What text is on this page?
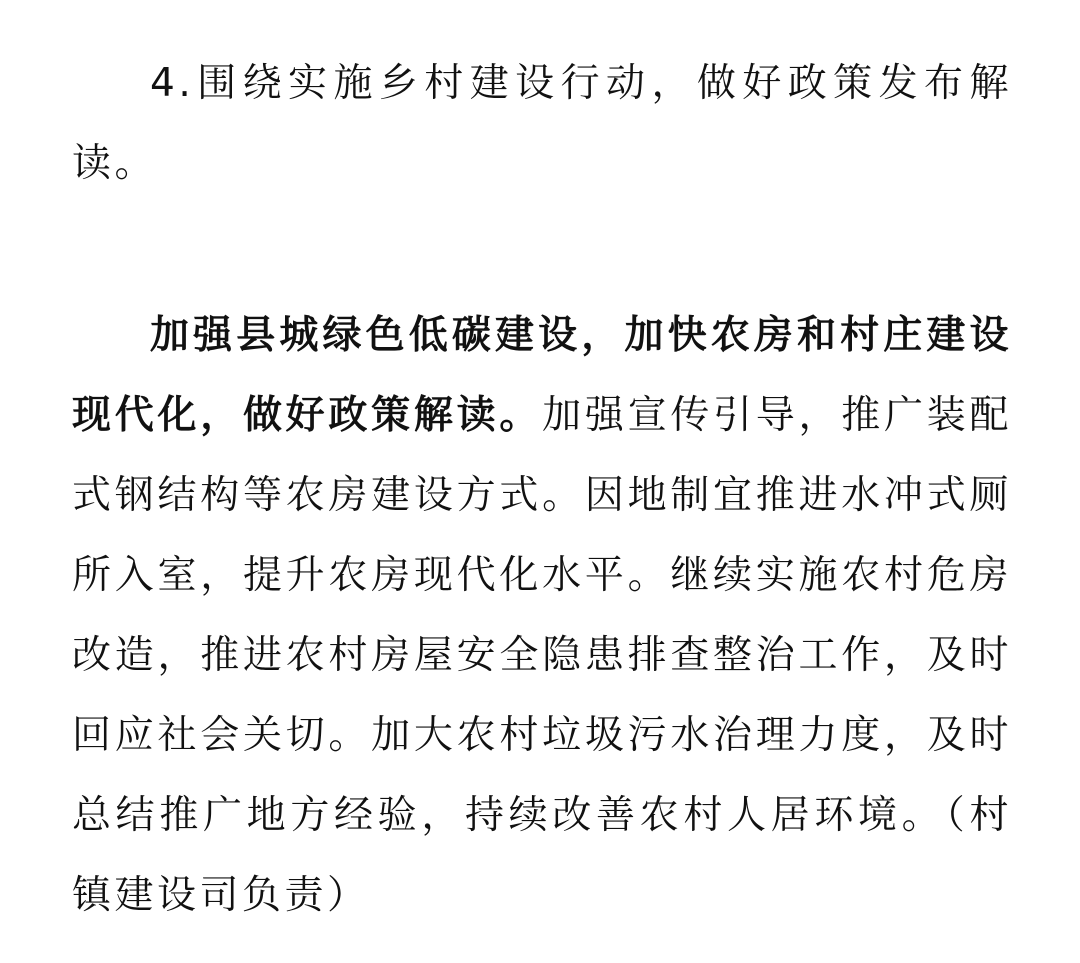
4.围绕实施乡村建设行动，做好政策发布解读。

加强县城绿色低碳建设，加快农房和村庄建设现代化，做好政策解读。加强宣传引导，推广装配式钢结构等农房建设方式。因地制宜推进水冲式厕所入室，提升农房现代化水平。继续实施农村危房改造，推进农村房屋安全隐患排查整治工作，及时回应社会关切。加大农村垃圾污水治理力度，及时总结推广地方经验，持续改善农村人居环境。（村镇建设司负责）
